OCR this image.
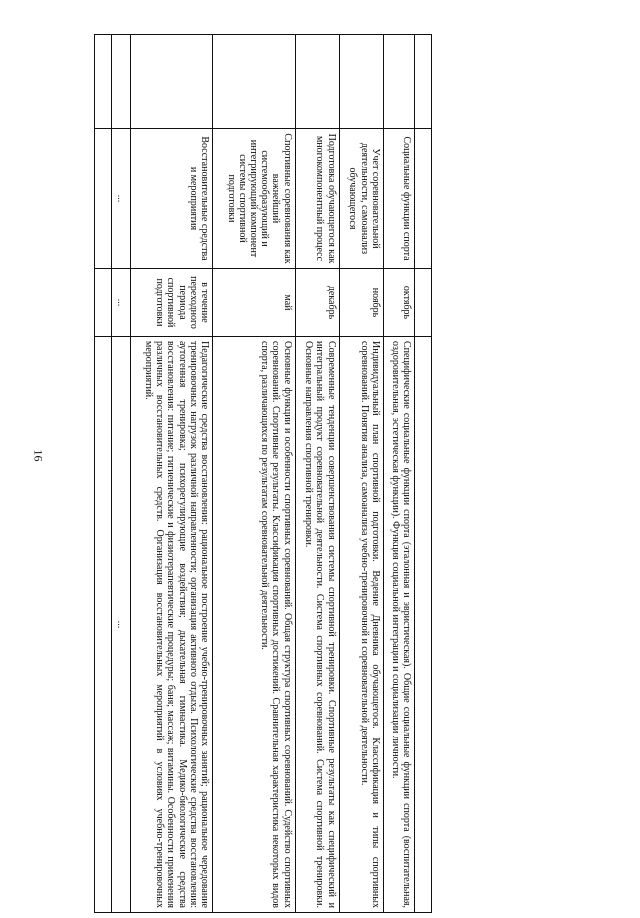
16

	Социальные функции спорта	октябрь	Специфические социальные функции спорта (эталонная и эвристическая). Общие социальные функции спорта (воспитательная, оздоровительная, эстетическая функции). Функция социальной интеграции и социализации личности.
	Учет соревновательной деятельности, самоанализ обучающегося	ноябрь	Индивидуальный план спортивной подготовки. Ведение Дневника обучающегося. Классификация и типы спортивных соревнований. Понятия анализа, самоанализа учебно-тренировочной и соревновательной деятельности.
	Подготовка обучающегося как многокомпонентный процесс	декабрь	Современные тенденции совершенствования системы спортивной тренировки. Спортивные результаты как специфический и интегральный продукт соревновательной деятельности. Система спортивных соревнований. Система спортивной тренировки. Основные направления спортивной тренировки.
	Спортивные соревнования как важнейший системообразующий и интегрирующий компонент системы спортивной подготовки	май	Основные функции и особенности спортивных соревнований. Общая структура спортивных соревнований. Судейство спортивных соревнований. Спортивные результаты. Классификация спортивных достижений. Сравнительная характеристика некоторых видов спорта, различающихся по результатам соревновательной деятельности.
	Восстановительные средства и мероприятия	в течение переходного периода спортивной подготовки	Педагогические средства восстановления: рациональное построение учебно-тренировочных занятий; рациональное чередование тренировочных нагрузок различной направленности; организация активного отдыха. Психологические средства восстановления: аутогенная тренировка; психорегулирующие воздействия; дыхательная гимнастика. Медико-биологические средства восстановления: питание; гигиенические и физиотерапевтические процедуры; баня; массаж; витамины. Особенности применения различных восстановительных средств. Организация восстановительных мероприятий в условиях учебно-тренировочных мероприятий.
	...	...	...
